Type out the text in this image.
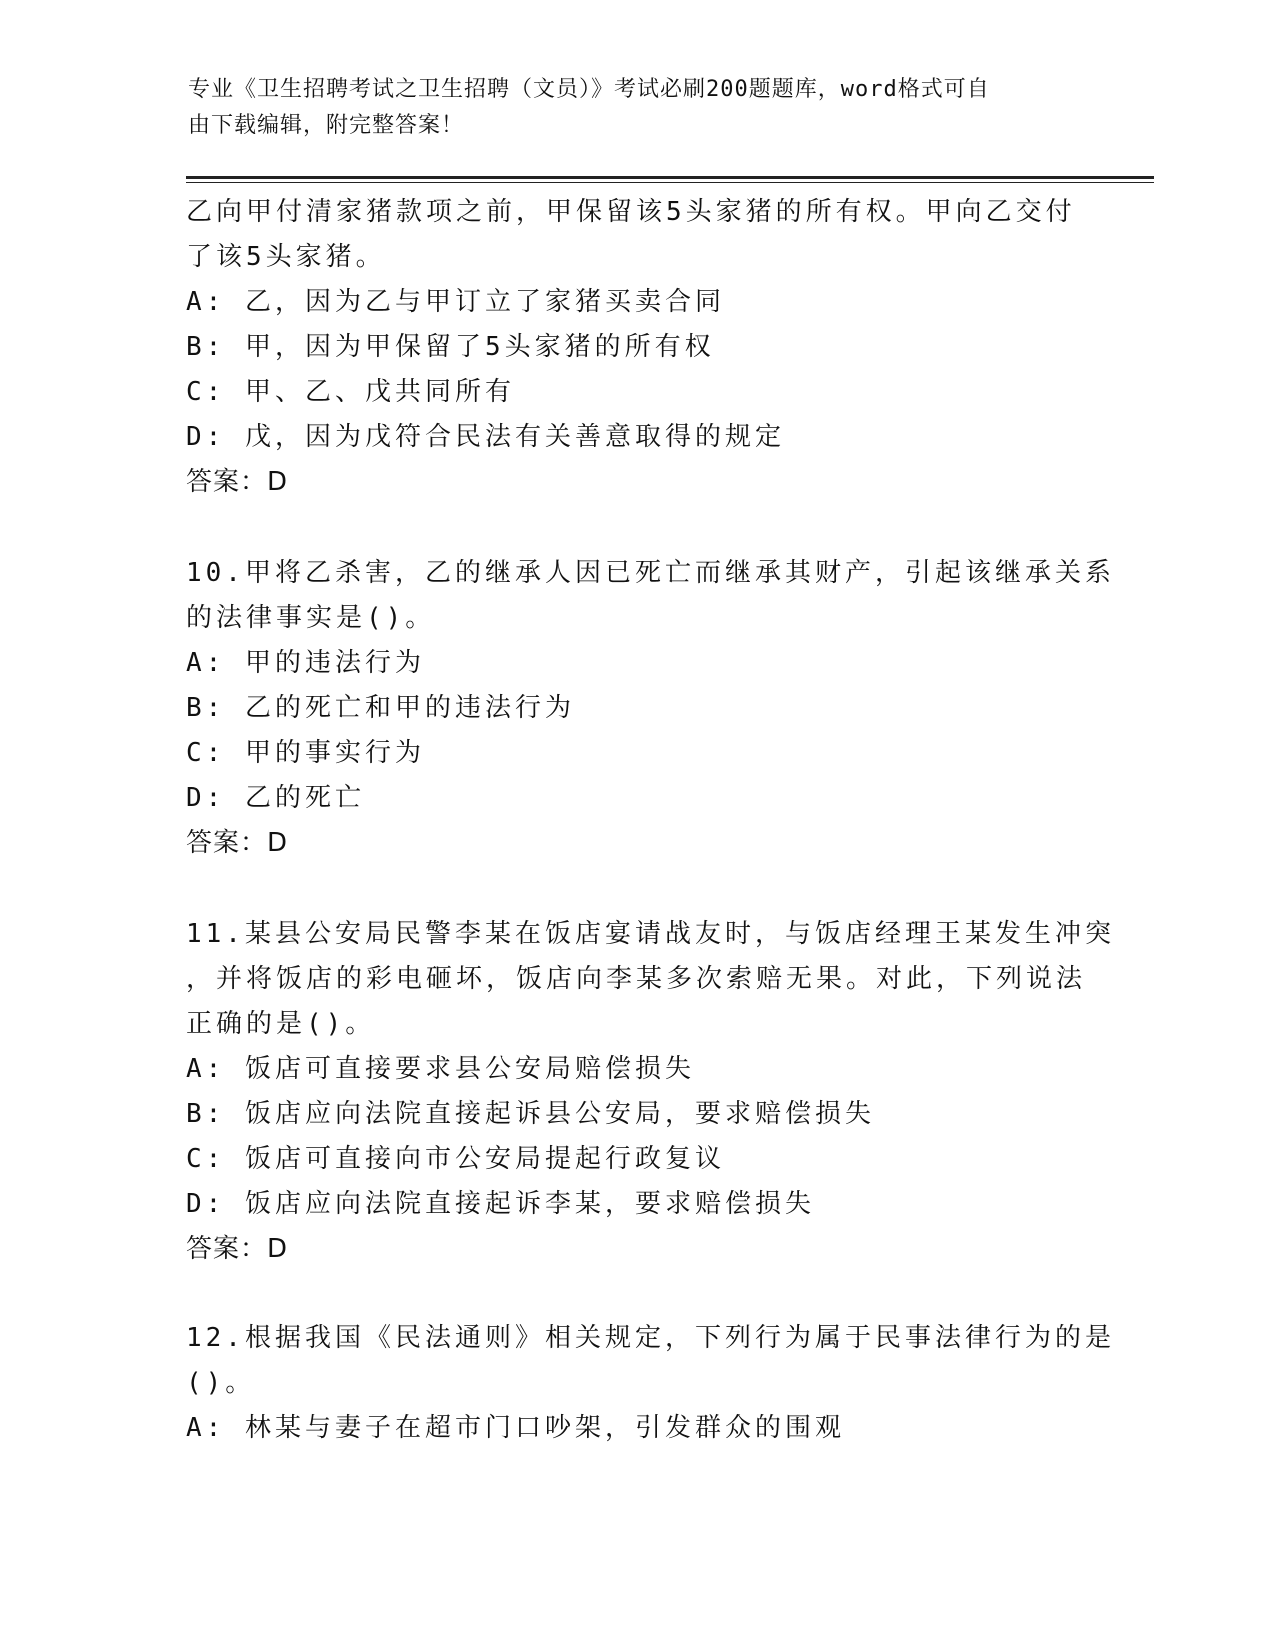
专业《卫生招聘考试之卫生招聘（文员）》考试必刷200题题库，word格式可自
由下载编辑，附完整答案！
乙向甲付清家猪款项之前，甲保留该5头家猪的所有权。甲向乙交付
了该5头家猪。
A: 乙，因为乙与甲订立了家猪买卖合同
B: 甲，因为甲保留了5头家猪的所有权
C: 甲、乙、戊共同所有
D: 戊，因为戊符合民法有关善意取得的规定
答案：D
10.甲将乙杀害，乙的继承人因已死亡而继承其财产，引起该继承关系
的法律事实是()。
A: 甲的违法行为
B: 乙的死亡和甲的违法行为
C: 甲的事实行为
D: 乙的死亡
答案：D
11.某县公安局民警李某在饭店宴请战友时，与饭店经理王某发生冲突
，并将饭店的彩电砸坏，饭店向李某多次索赔无果。对此，下列说法
正确的是()。
A: 饭店可直接要求县公安局赔偿损失
B: 饭店应向法院直接起诉县公安局，要求赔偿损失
C: 饭店可直接向市公安局提起行政复议
D: 饭店应向法院直接起诉李某，要求赔偿损失
答案：D
12.根据我国《民法通则》相关规定，下列行为属于民事法律行为的是
()。
A: 林某与妻子在超市门口吵架，引发群众的围观
